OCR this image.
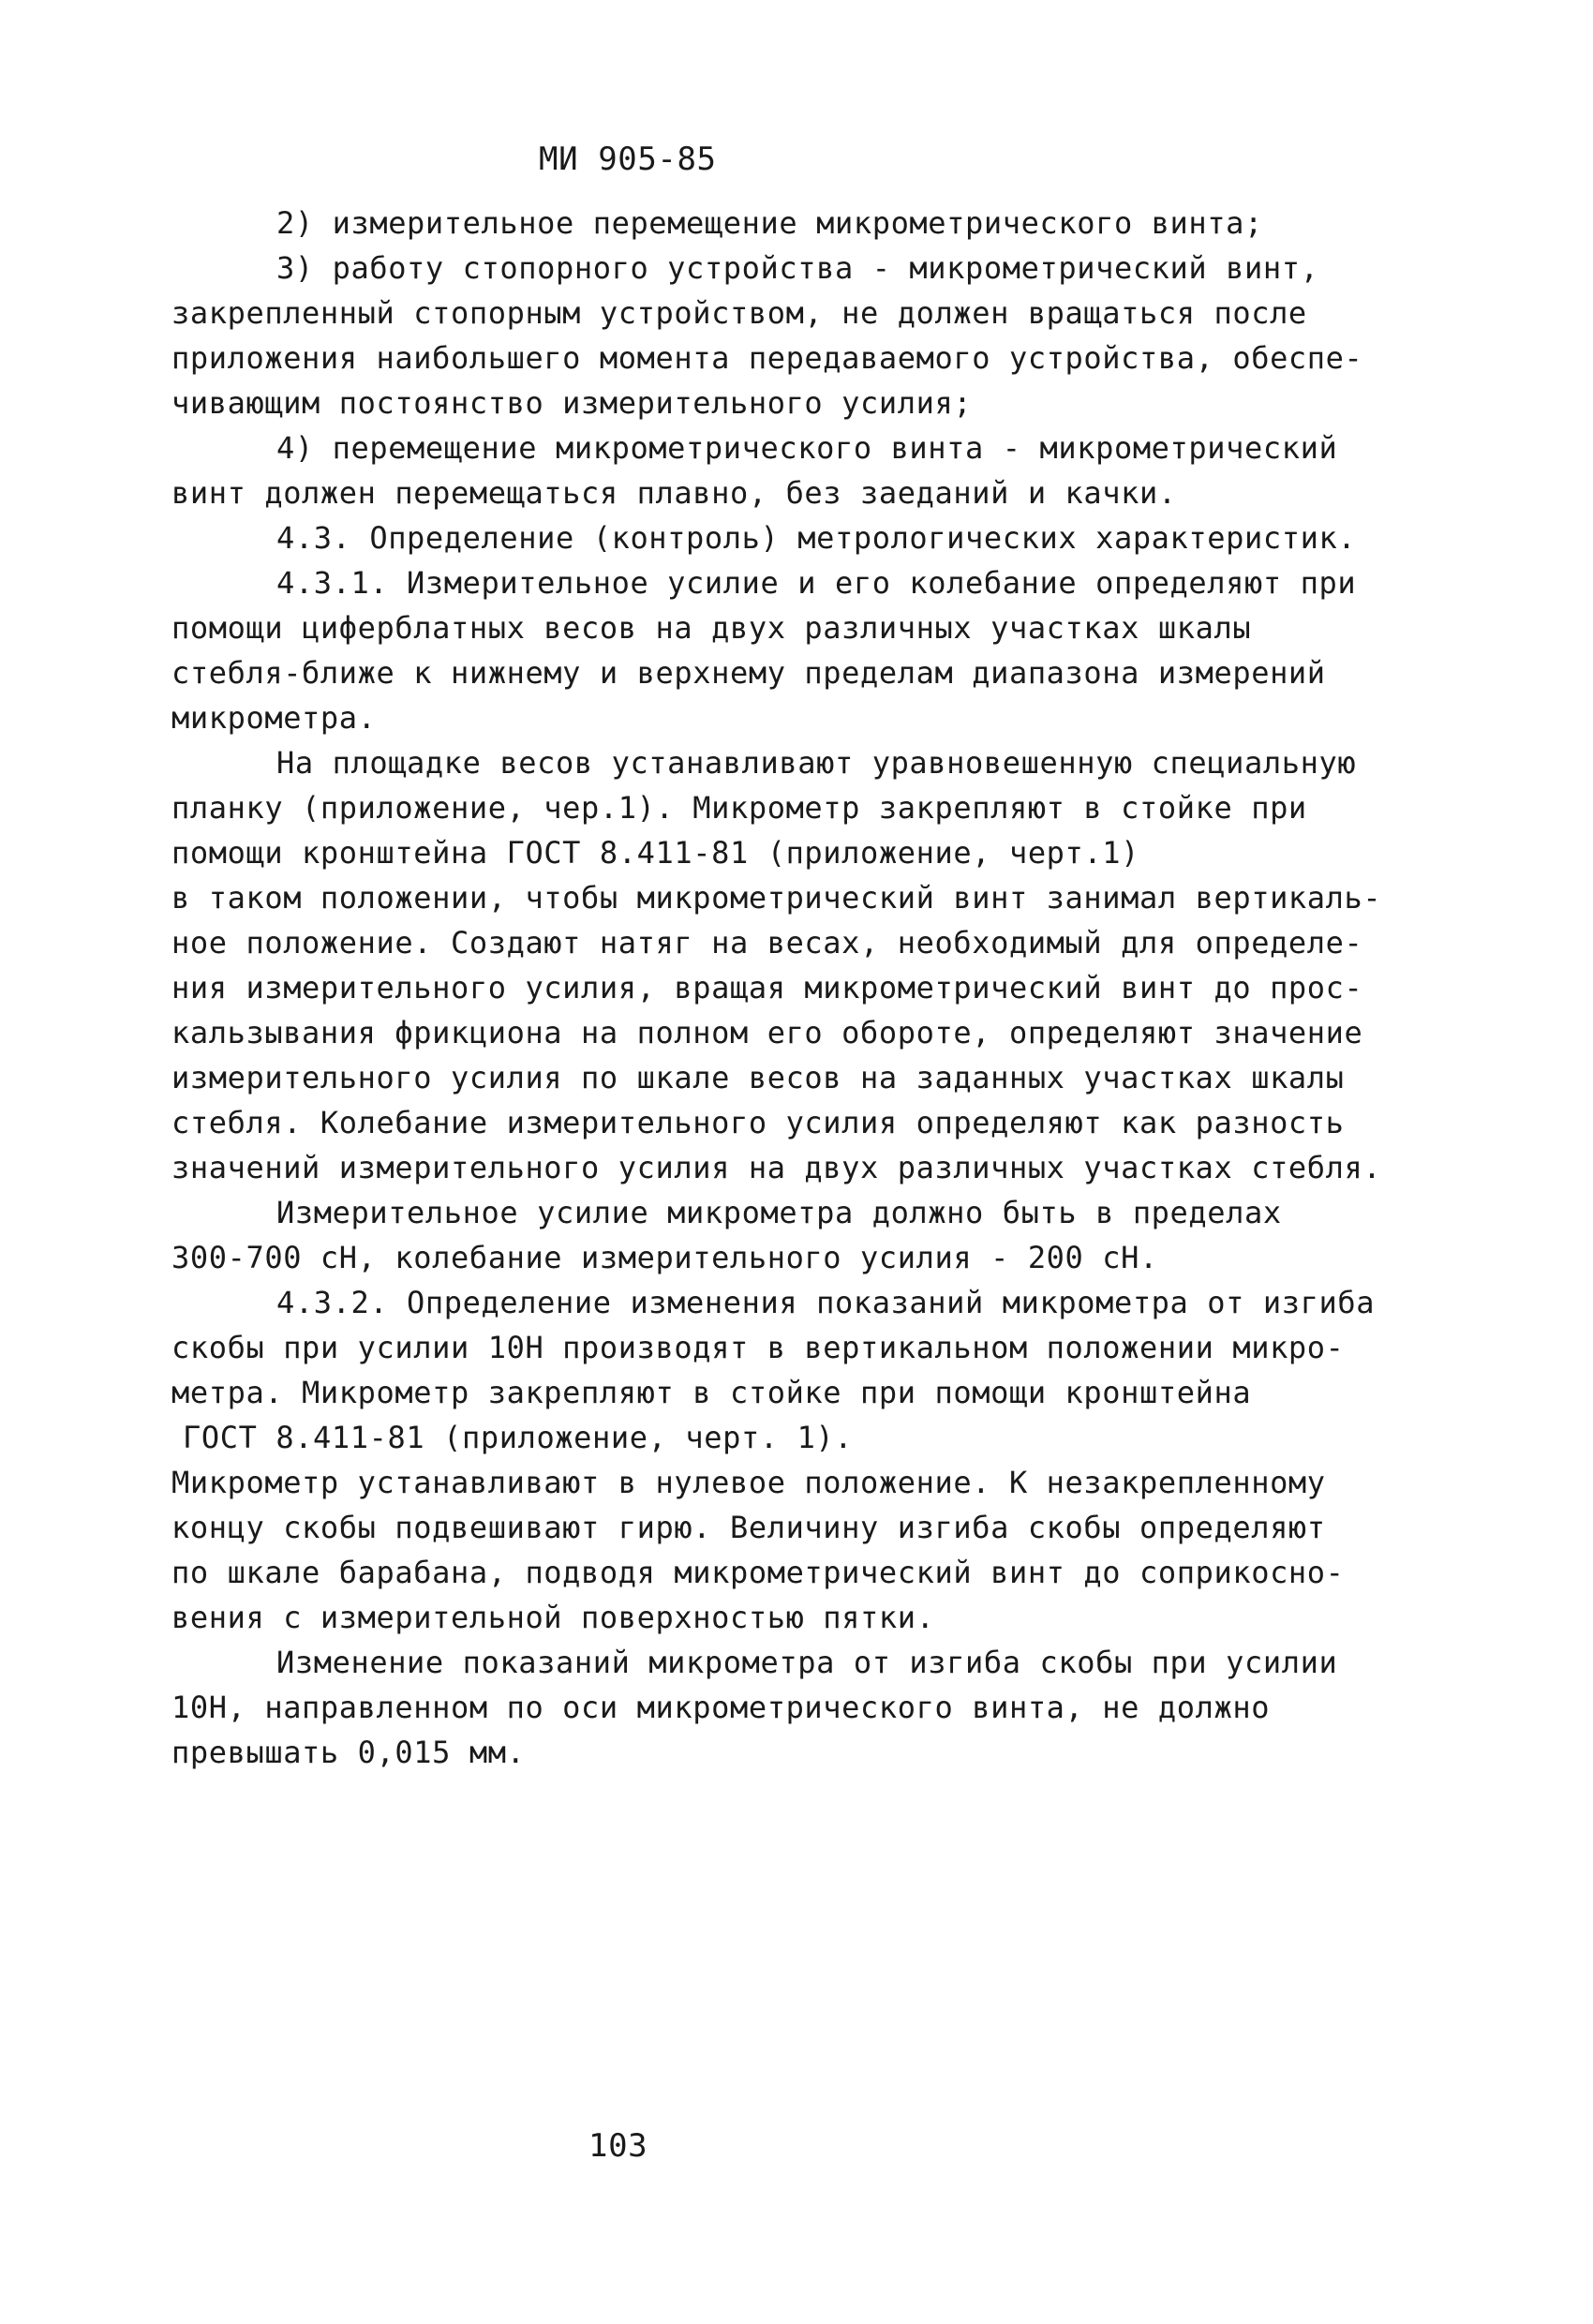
МИ 905-85
2) измерительное перемещение микрометрического винта;
3) работу стопорного устройства - микрометрический винт,
закрепленный стопорным устройством, не должен вращаться после
приложения наибольшего момента передаваемого устройства, обеспе-
чивающим постоянство измерительного усилия;
4) перемещение микрометрического винта - микрометрический
винт должен перемещаться плавно, без заеданий и качки.
4.3. Определение (контроль) метрологических характеристик.
4.3.1. Измерительное усилие и его колебание определяют при
помощи циферблатных весов на двух различных участках шкалы
стебля-ближе к нижнему и верхнему пределам диапазона измерений
микрометра.
На площадке весов устанавливают уравновешенную специальную
планку (приложение, чер.1). Микрометр закрепляют в стойке при
помощи кронштейна ГОСТ 8.411-81 (приложение, черт.1)
в таком положении, чтобы микрометрический винт занимал вертикаль-
ное положение. Создают натяг на весах, необходимый для определе-
ния измерительного усилия, вращая микрометрический винт до прос-
кальзывания фрикциона на полном его обороте, определяют значение
измерительного усилия по шкале весов на заданных участках шкалы
стебля. Колебание измерительного усилия определяют как разность
значений измерительного усилия на двух различных участках стебля.
Измерительное усилие микрометра должно быть в пределах
300-700 сН, колебание измерительного усилия - 200 сН.
4.3.2. Определение изменения показаний микрометра от изгиба
скобы при усилии 10Н производят в вертикальном положении микро-
метра. Микрометр закрепляют в стойке при помощи кронштейна
ГОСТ 8.411-81 (приложение, черт. 1).
Микрометр устанавливают в нулевое положение. К незакрепленному
концу скобы подвешивают гирю. Величину изгиба скобы определяют
по шкале барабана, подводя микрометрический винт до соприкосно-
вения с измерительной поверхностью пятки.
Изменение показаний микрометра от изгиба скобы при усилии
10Н, направленном по оси микрометрического винта, не должно
превышать 0,015 мм.
103
